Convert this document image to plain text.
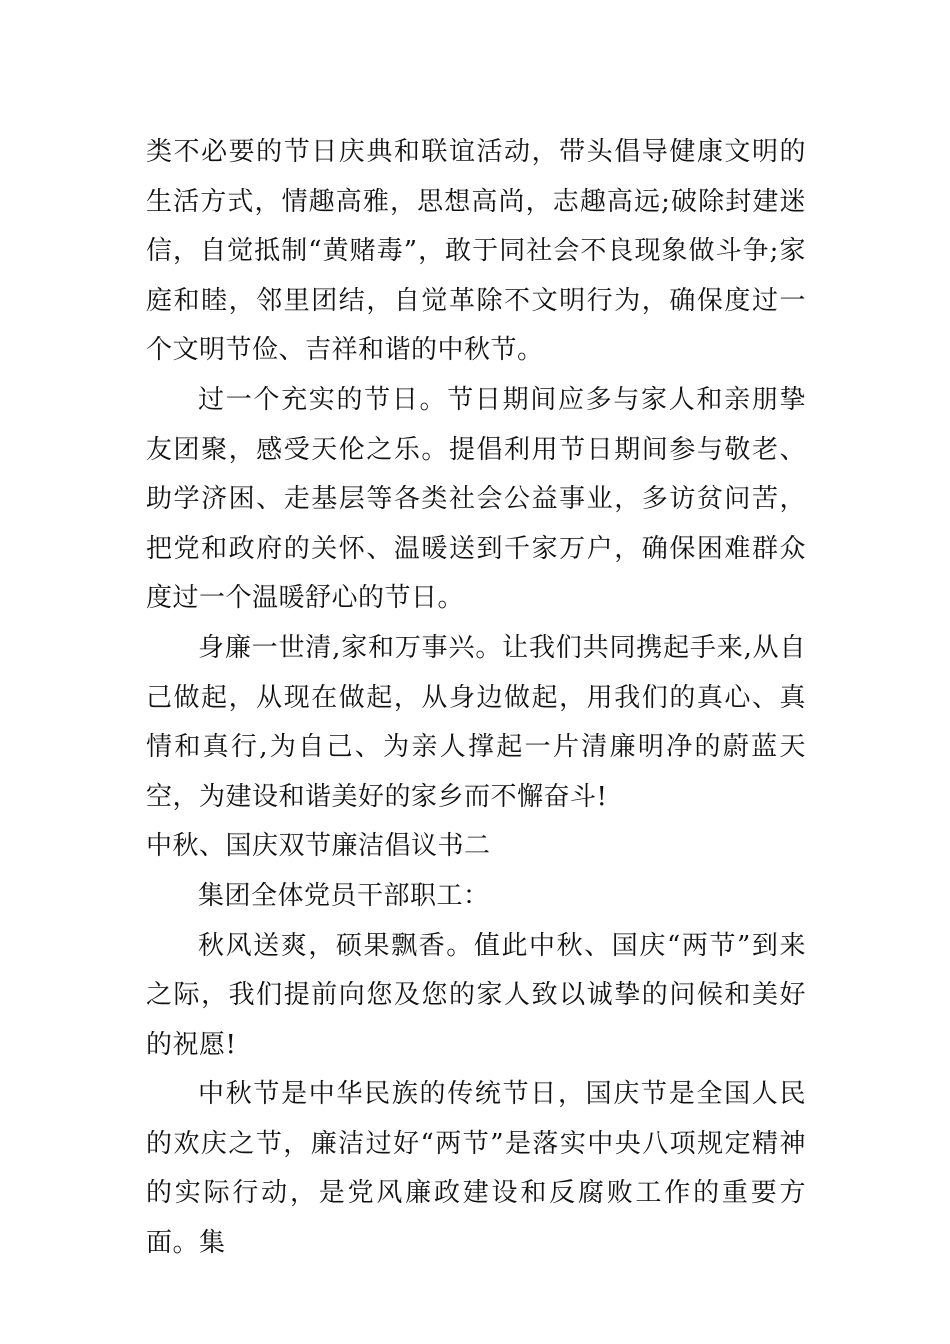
类不必要的节日庆典和联谊活动，带头倡导健康文明的生活方式，情趣高雅，思想高尚，志趣高远;破除封建迷信，自觉抵制“黄赌毒”，敢于同社会不良现象做斗争;家庭和睦，邻里团结，自觉革除不文明行为，确保度过一个文明节俭、吉祥和谐的中秋节。

过一个充实的节日。节日期间应多与家人和亲朋挚友团聚，感受天伦之乐。提倡利用节日期间参与敬老、助学济困、走基层等各类社会公益事业，多访贫问苦，把党和政府的关怀、温暖送到千家万户，确保困难群众度过一个温暖舒心的节日。

身廉一世清,家和万事兴。让我们共同携起手来,从自己做起，从现在做起，从身边做起，用我们的真心、真情和真行,为自己、为亲人撑起一片清廉明净的蔚蓝天空，为建设和谐美好的家乡而不懈奋斗!

中秋、国庆双节廉洁倡议书二

集团全体党员干部职工：

秋风送爽，硕果飘香。值此中秋、国庆“两节”到来之际，我们提前向您及您的家人致以诚挚的问候和美好的祝愿!

中秋节是中华民族的传统节日，国庆节是全国人民的欢庆之节，廉洁过好“两节”是落实中央八项规定精神的实际行动，是党风廉政建设和反腐败工作的重要方面。集
